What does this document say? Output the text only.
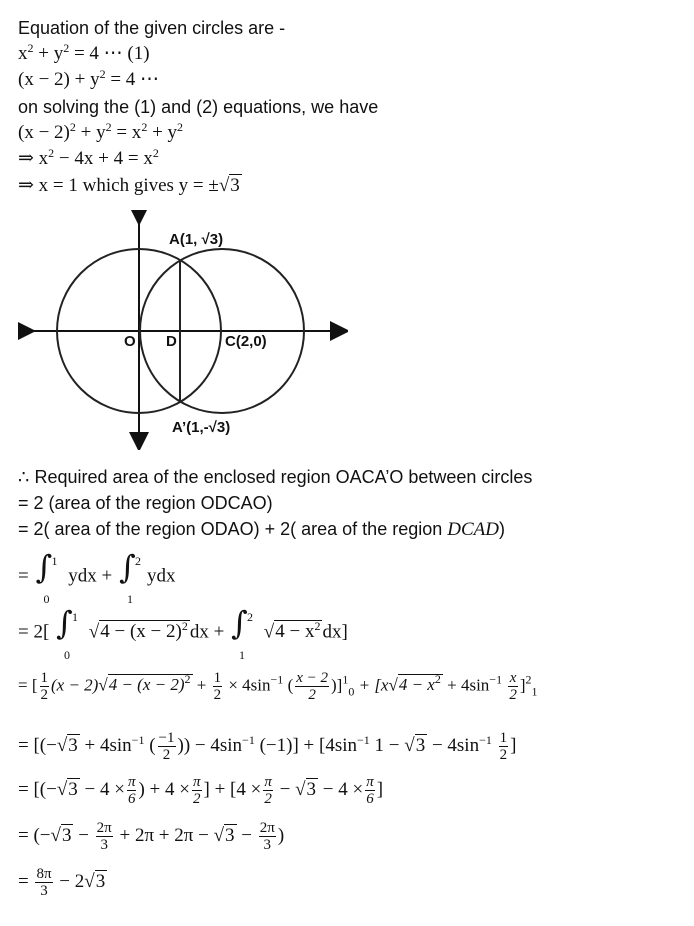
Equation of the given circles are -
$x^2 + y^2 = 4$ ⋯ (1)
$(x - 2) + y^2 = 4$ ⋯
on solving the (1) and (2) equations, we have
$(x - 2)^2 + y^2 = x^2 + y^2$
⇒ $x^2 - 4x + 4 = x^2$
⇒ x = 1 which gives y = ±√3
A(1, √3)
O D	C(2,0)
A’(1,-√3)
∴ Required area of the enclosed region OACA’O between circles
= 2 (area of the region ODCAO)
= 2( area of the region ODAO) + 2( area of the region DCAD)
= ∫ 1
0
ydx + ∫ 2
1
ydx
= 2[ ∫ 1
0
$√4 - (x - 2)^2$ dx + ∫ 2
1
$√4 - x^2$ dx]
= [ $\frac{1}{2} (x - 2)√4 - (x - 2)^2 + \frac{1}{2} \times 4\sin^{-1}$ ( $\frac{x - 2}{2} )]^1_0 + [x√4 - x^2 + 4\sin^{-1} \frac{x}{2} ]^2_1$
= [($-√3 + 4\sin^{-1}$ ( $\frac{-1}{2}$ )) − $4\sin^{-1}$ $(-1)] + [4\sin^{-1}$ $1 - √3 - 4\sin^{-1} \frac{1}{2}$ ]
= [($-√3 - 4 \times \frac{\pi}{6}$ ) + $4 \times \frac{\pi}{2}$ ] + [$4 \times \frac{\pi}{2} - √3 - 4 \times \frac{\pi}{6}$ ]
= ($-√3 - \frac{2\pi}{3} + 2\pi + 2\pi - √3 - \frac{2\pi}{3}$ )
= $\frac{8\pi}{3} - 2√3$
